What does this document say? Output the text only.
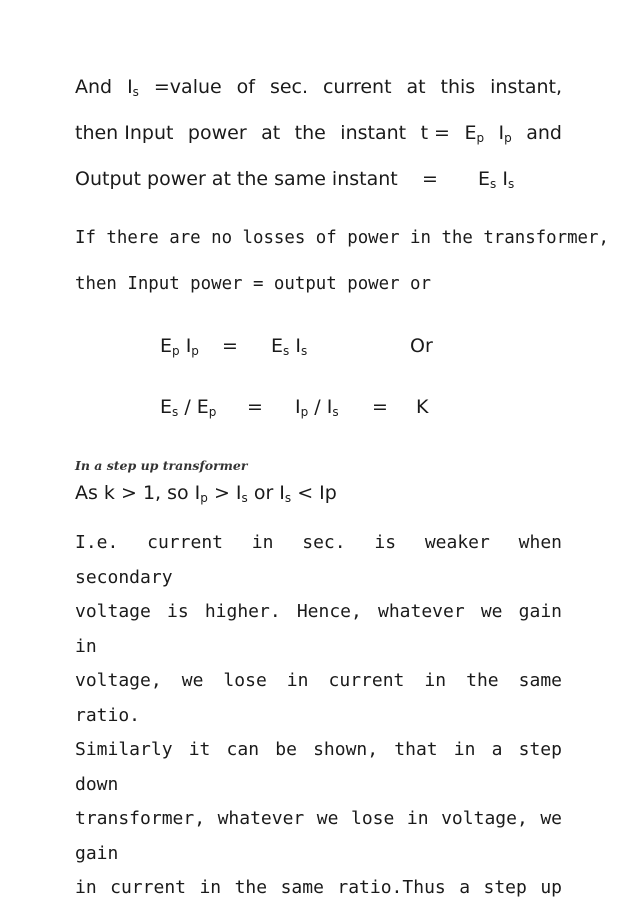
And $I_s$ =value of sec. current at this instant,
then Input power at the instant $t = E_p$ $I_p$ and
Output power at the same $instant = E_s$ $I_s$
If there are no losses of power in the transformer,
then Input power = output power or
$E_p$ $I_p = E_s$ $I_s$	Or
$E_s / E_p = I_p / I_s = K$
In a step up transformer
As k > 1, so $I_p > I_s$ or $I_s < Ip$
I.e. current in sec. is weaker when secondary
voltage is higher. Hence, whatever we gain in
voltage, we lose in current in the same ratio.
Similarly it can be shown, that in a step down
transformer, whatever we lose in voltage, we gain
in current in the same ratio.Thus a step up
